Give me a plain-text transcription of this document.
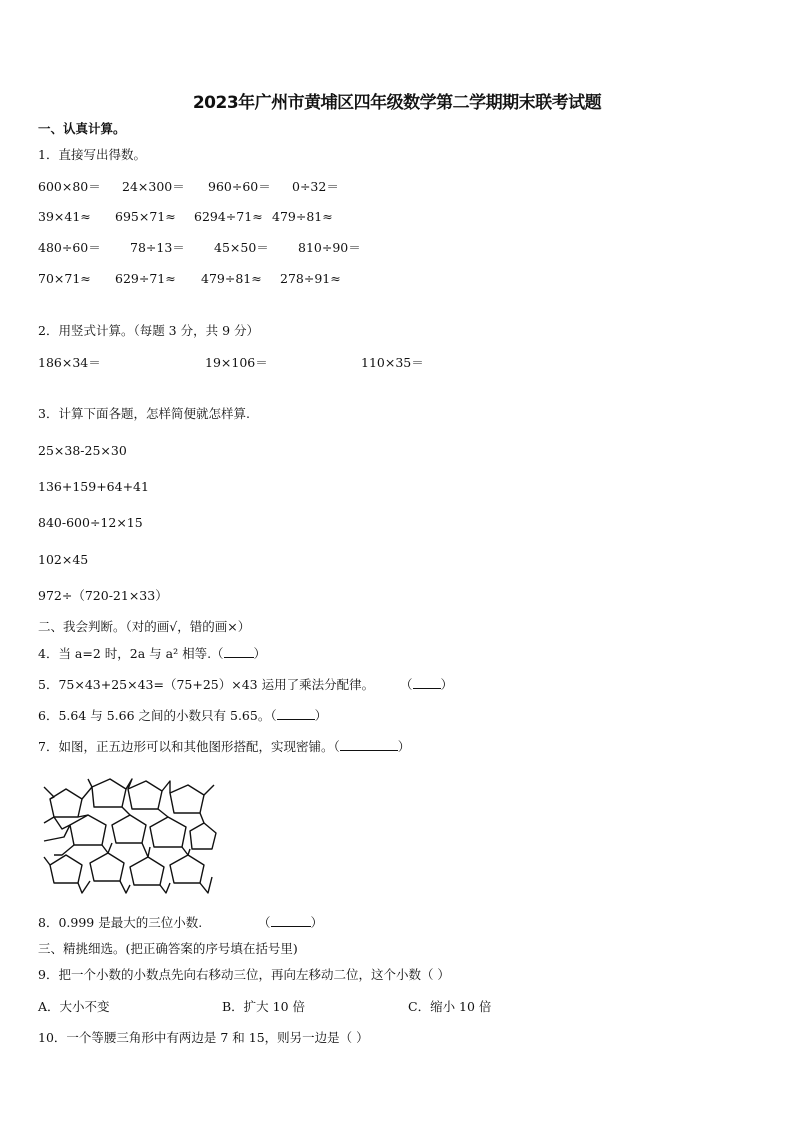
2023年广州市黄埔区四年级数学第二学期期末联考试题
一、认真计算。
1．直接写出得数。
600×80＝ 24×300＝ 960÷60＝ 0÷32＝
39×41≈ 695×71≈ 6294÷71≈ 479÷81≈
480÷60＝ 78÷13＝ 45×50＝ 810÷90＝
70×71≈ 629÷71≈ 479÷81≈ 278÷91≈
2．用竖式计算。（每题 3 分，共 9 分）
186×34＝	19×106＝	110×35＝
3．计算下面各题，怎样简便就怎样算.
25×38-25×30
136+159+64+41
840-600÷12×15
102×45
972÷（720-21×33）
二、我会判断。（对的画√，错的画×）
4．当 a=2 时，2a 与 a² 相等.（ ）
5．75×43+25×43=（75+25）×43 运用了乘法分配律。 （ ）
6．5.64 与 5.66 之间的小数只有 5.65。（	）
7．如图，正五边形可以和其他图形搭配，实现密铺。（	）
8．0.999 是最大的三位小数.	（	）
三、精挑细选。(把正确答案的序号填在括号里)
9．把一个小数的小数点先向右移动三位，再向左移动二位，这个小数（ ）
A．大小不变	B．扩大 10 倍	C．缩小 10 倍
10．一个等腰三角形中有两边是 7 和 15，则另一边是（ ）
